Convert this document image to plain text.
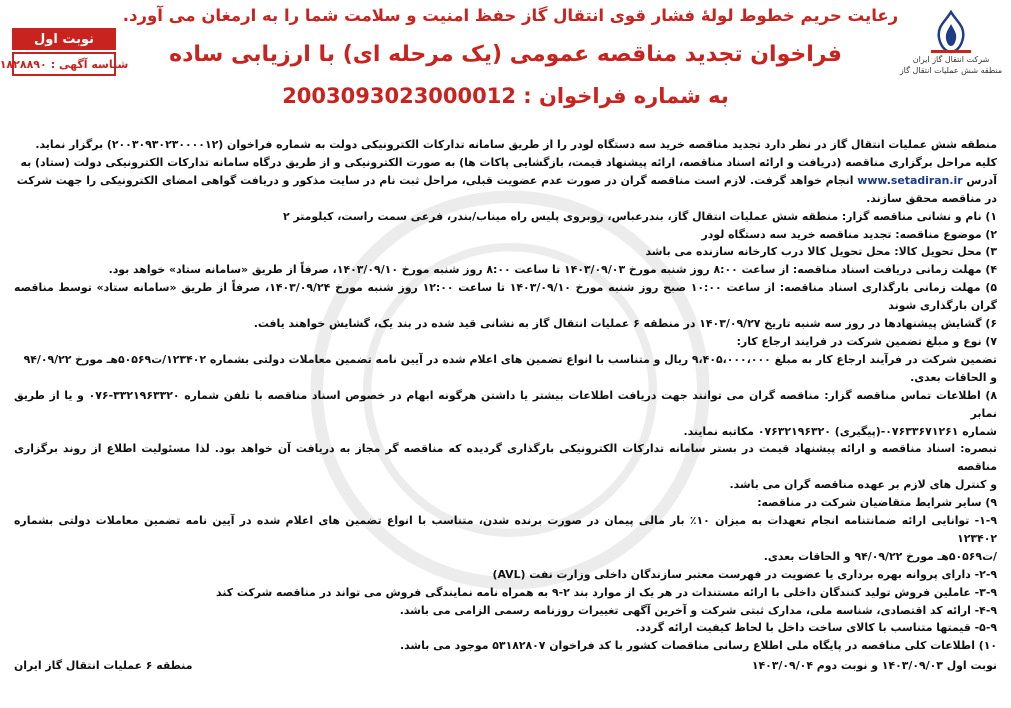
شرکت انتقال گاز ایران
منطقه شش عملیات انتقال گاز
رعایت حریم خطوط لولهٔ فشار قوی انتقال گاز حفظ امنیت و سلامت شما را به ارمغان می آورد.
نوبت اول
شناسه آگهی :
۱۸۲۸۸۹۰	فراخوان تجدید مناقصه عمومی (یک مرحله ای) با ارزیابی ساده
به شماره فراخوان : 2003093023000012

منطقه شش عملیات انتقال گاز در نظر دارد تجدید مناقصه خرید سه دستگاه لودر را از طریق سامانه تدارکات الکترونیکی دولت به شماره فراخوان (۲۰۰۳۰۹۳۰۲۳۰۰۰۰۱۲) برگزار نماید.

کلیه مراحل برگزاری مناقصه (دریافت و ارائه اسناد مناقصه، ارائه پیشنهاد قیمت، بازگشایی پاکات ها) به صورت الکترونیکی و از طریق درگاه سامانه تدارکات الکترونیکی دولت (ستاد) به

آدرس www.setadiran.ir انجام خواهد گرفت. لازم است مناقصه گران در صورت عدم عضویت قبلی، مراحل ثبت نام در سایت مذکور و دریافت گواهی امضای الکترونیکی را جهت شرکت

در مناقصه محقق سازند.

۱) نام و نشانی مناقصه گزار: منطقه شش عملیات انتقال گاز، بندرعباس، روبروی پلیس راه میناب/بندر، فرعی سمت راست، کیلومتر ۲

۲) موضوع مناقصه: تجدید مناقصه خرید سه دستگاه لودر

۳) محل تحویل کالا: محل تحویل کالا درب کارخانه سازنده می باشد

۴) مهلت زمانی دریافت اسناد مناقصه: از ساعت ۸:۰۰ روز شنبه مورخ ۱۴۰۳/۰۹/۰۳ تا ساعت ۸:۰۰ روز شنبه مورخ ۱۴۰۳/۰۹/۱۰، صرفاً از طریق «سامانه ستاد» خواهد بود.

۵) مهلت زمانی بارگذاری اسناد مناقصه: از ساعت ۱۰:۰۰ صبح روز شنبه مورخ ۱۴۰۳/۰۹/۱۰ تا ساعت ۱۲:۰۰ روز شنبه مورخ ۱۴۰۳/۰۹/۲۴، صرفاً از طریق «سامانه ستاد» توسط مناقصه گران بارگذاری شوند

۶) گشایش پیشنهادها در روز سه شنبه تاریخ ۱۴۰۳/۰۹/۲۷ در منطقه ۶ عملیات انتقال گاز به نشانی قید شده در بند یک، گشایش خواهند یافت.

۷) نوع و مبلغ تضمین شرکت در فرایند ارجاع کار:

تضمین شرکت در فرآیند ارجاع کار به مبلغ ۹،۴۰۵،۰۰۰،۰۰۰ ریال و متناسب با انواع تضمین های اعلام شده در آیین نامه تضمین معاملات دولتی بشماره ۱۲۳۴۰۲/ت۵۰۵۶۹هـ مورخ ۹۴/۰۹/۲۲

و الحاقات بعدی.

۸) اطلاعات تماس مناقصه گزار: مناقصه گران می توانند جهت دریافت اطلاعات بیشتر یا داشتن هرگونه ابهام در خصوص اسناد مناقصه با تلفن شماره ۳۳۲۱۹۶۳۳۲۰-۰۷۶ و یا از طریق نمابر

شماره ۰۷۶۳۳۶۷۱۲۶۱-(پیگیری) ۰۷۶۳۲۱۹۶۳۲۰ مکاتبه نمایند.

تبصره: اسناد مناقصه و ارائه پیشنهاد قیمت در بستر سامانه تدارکات الکترونیکی بارگذاری گردیده که مناقصه گر مجاز به دریافت آن خواهد بود. لذا مسئولیت اطلاع از روند برگزاری مناقصه

و کنترل های لازم بر عهده مناقصه گران می باشد.

۹) سایر شرایط متقاضیان شرکت در مناقصه:

۱-۹- توانایی ارائه ضمانتنامه انجام تعهدات به میزان ۱۰٪ بار مالی پیمان در صورت برنده شدن، متناسب با انواع تضمین های اعلام شده در آیین نامه تضمین معاملات دولتی بشماره ۱۲۳۴۰۲

/ت۵۰۵۶۹هـ مورخ ۹۴/۰۹/۲۲ و الحاقات بعدی.

۲-۹- دارای پروانه بهره برداری یا عضویت در فهرست معتبر سازندگان داخلی وزارت نفت (AVL)

۳-۹- عاملین فروش تولید کنندگان داخلی با ارائه مستندات در هر یک از موارد بند ۲-۹ به همراه نامه نمایندگی فروش می تواند در مناقصه شرکت کند

۴-۹- ارائه کد اقتصادی، شناسه ملی، مدارک ثبتی شرکت و آخرین آگهی تغییرات روزنامه رسمی الزامی می باشد.

۵-۹- قیمتها متناسب با کالای ساخت داخل با لحاظ کیفیت ارائه گردد.

۱۰) اطلاعات کلی مناقصه در پایگاه ملی اطلاع رسانی مناقصات کشور با کد فراخوان ۵۳۱۸۲۸۰۷ موجود می باشد.

نوبت اول ۱۴۰۳/۰۹/۰۳ و نوبت دوم ۱۴۰۳/۰۹/۰۴
منطقه ۶ عملیات انتقال گاز ایران
